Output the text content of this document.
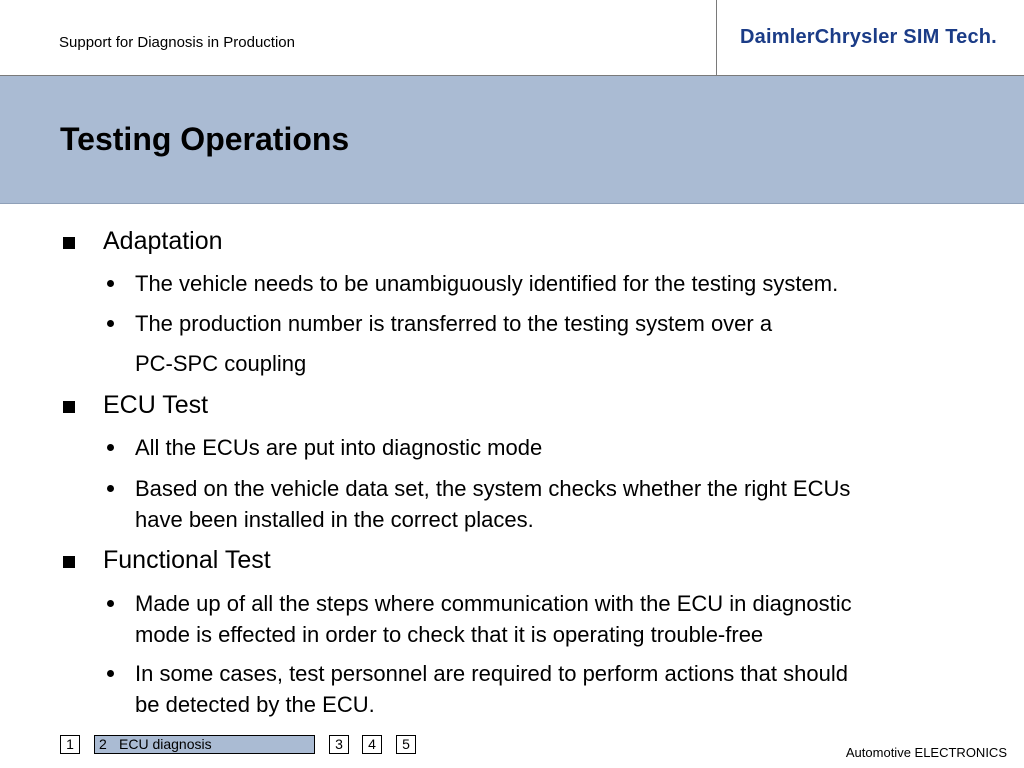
Support for Diagnosis in Production	DaimlerChrysler SIM Tech.
Testing Operations
Adaptation
The vehicle needs to be unambiguously identified for the testing system.
The production number is transferred to the testing system over a
PC-SPC coupling
ECU Test
All the ECUs are put into diagnostic mode
Based on the vehicle data set, the system checks whether the right ECUs
have been installed in the correct places.
Functional Test
Made up of all the steps where communication with the ECU in diagnostic
mode is effected in order to check that it is operating trouble-free
In some cases, test personnel are required to perform actions that should
be detected by the ECU.
1	2 ECU diagnosis	3	4	5
Automotive ELECTRONICS
